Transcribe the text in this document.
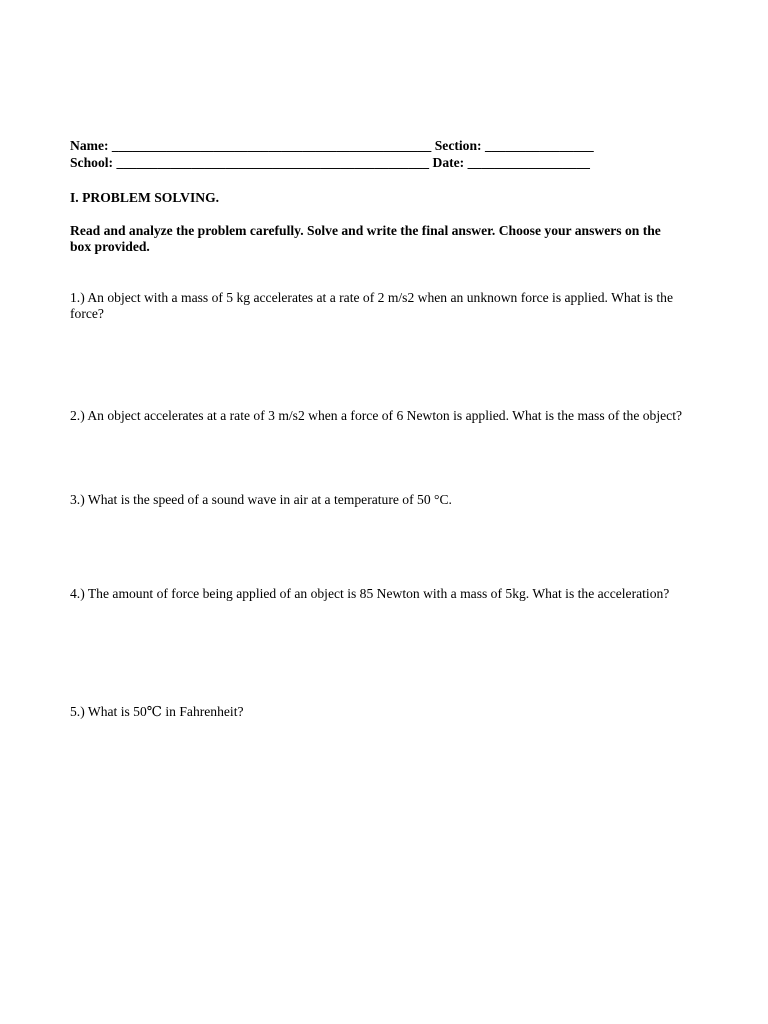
Name: _______________________________________________ Section: ________________
School: ______________________________________________ Date: __________________
I. PROBLEM SOLVING.
Read and analyze the problem carefully. Solve and write the final answer. Choose your answers on the box provided.

1.) An object with a mass of 5 kg accelerates at a rate of 2 m/s2 when an unknown force is applied. What is the force?

2.) An object accelerates at a rate of 3 m/s2 when a force of 6 Newton is applied. What is the mass of the object?

3.) What is the speed of a sound wave in air at a temperature of 50 °C.

4.) The amount of force being applied of an object is 85 Newton with a mass of 5kg. What is the acceleration?

5.) What is 50℃ in Fahrenheit?
